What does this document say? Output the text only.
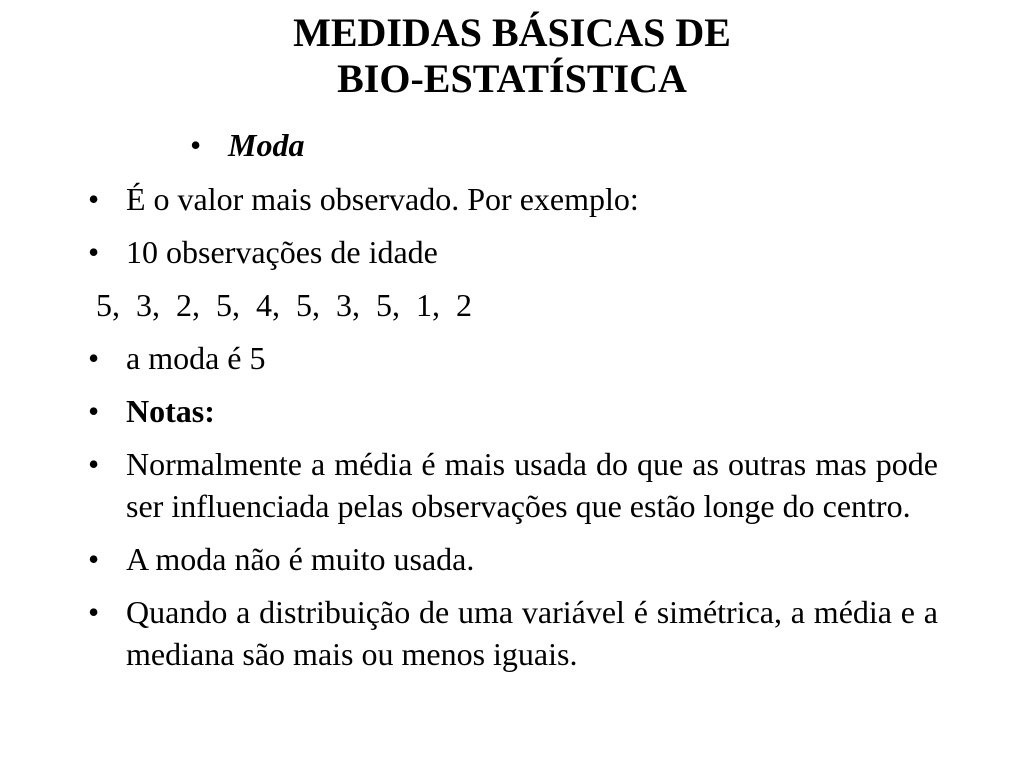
MEDIDAS BÁSICAS DE
BIO-ESTATÍSTICA
• Moda
• É o valor mais observado. Por exemplo:
• 10 observações de idade
5,  3,  2,  5,  4,  5,  3,  5,  1,  2
• a moda é 5
• Notas:
• Normalmente a média é mais usada do que as outras mas pode ser influenciada pelas observações que estão longe do centro.
• A moda não é muito usada.
• Quando a distribuição de uma variável é simétrica, a média e a mediana são mais ou menos iguais.
